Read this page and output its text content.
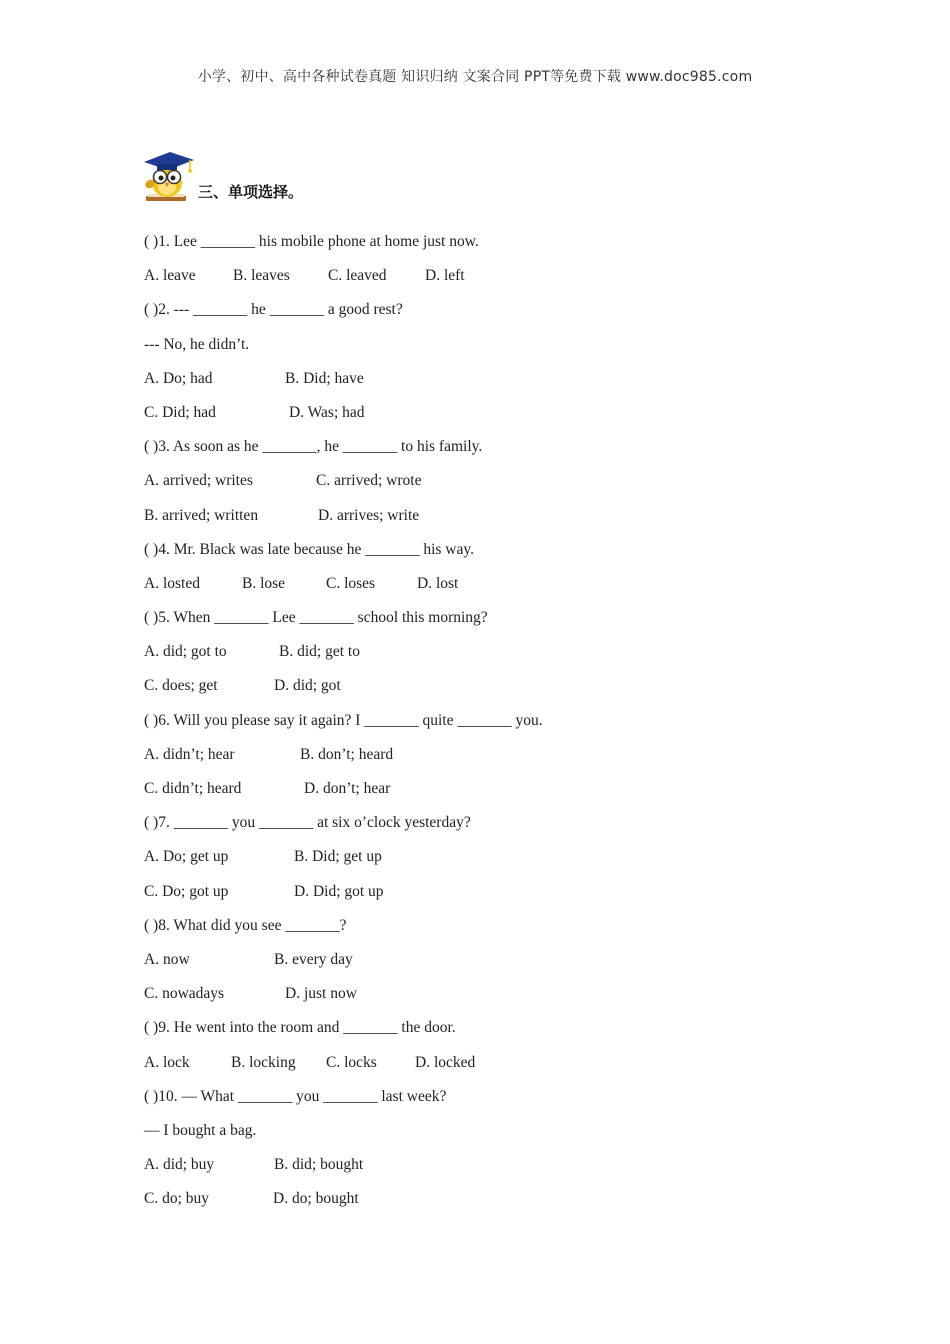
小学、初中、高中各种试卷真题 知识归纳 文案合同 PPT等免费下载 www.doc985.com
三、单项选择。
( )1. Lee _______ his mobile phone at home just now.
A. leave B. leaves C. leaved D. left
( )2. --- _______ he _______ a good rest?
--- No, he didn’t.
A. Do; had	B. Did; have
C. Did; had	D. Was; had
( )3. As soon as he _______, he _______ to his family.
A. arrived; writes	C. arrived; wrote
B. arrived; written	D. arrives; write
( )4. Mr. Black was late because he _______ his way.
A. losted	B. lose	C. loses	D. lost
( )5. When _______ Lee _______ school this morning?
A. did; got to	B. did; get to
C. does; get	D. did; got
( )6. Will you please say it again? I _______ quite _______ you.
A. didn’t; hear	B. don’t; heard
C. didn’t; heard	D. don’t; hear
( )7. _______ you _______ at six o’clock yesterday?
A. Do; get up	B. Did; get up
C. Do; got up	D. Did; got up
( )8. What did you see _______?
A. now	B. every day
C. nowadays	D. just now
( )9. He went into the room and _______ the door.
A. lock	B. locking C. locks D. locked
( )10. — What _______ you _______ last week?
— I bought a bag.
A. did; buy	B. did; bought
C. do; buy	D. do; bought
